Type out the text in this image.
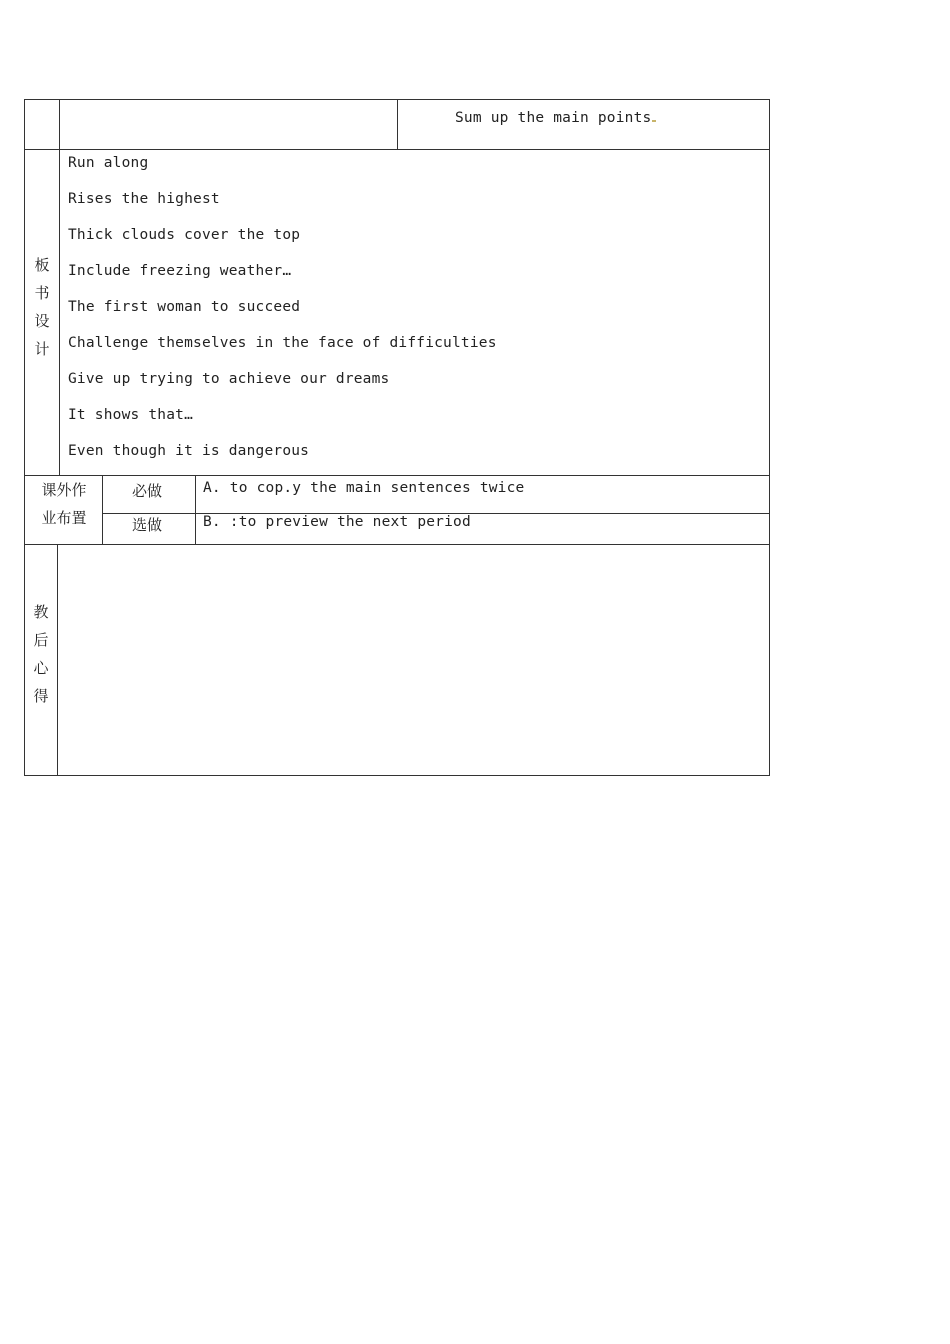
Sum up the main points
板
书
设
计
Run along
Rises the highest
Thick clouds cover the top
Include freezing weather…
The first woman to succeed
Challenge themselves in the face of difficulties
Give up trying to achieve our dreams
It shows that…
Even though it is dangerous
课外作
业布置
必做	A. to cop.y the main sentences twice
选做	B. :to preview the next period
教
后
心
得
